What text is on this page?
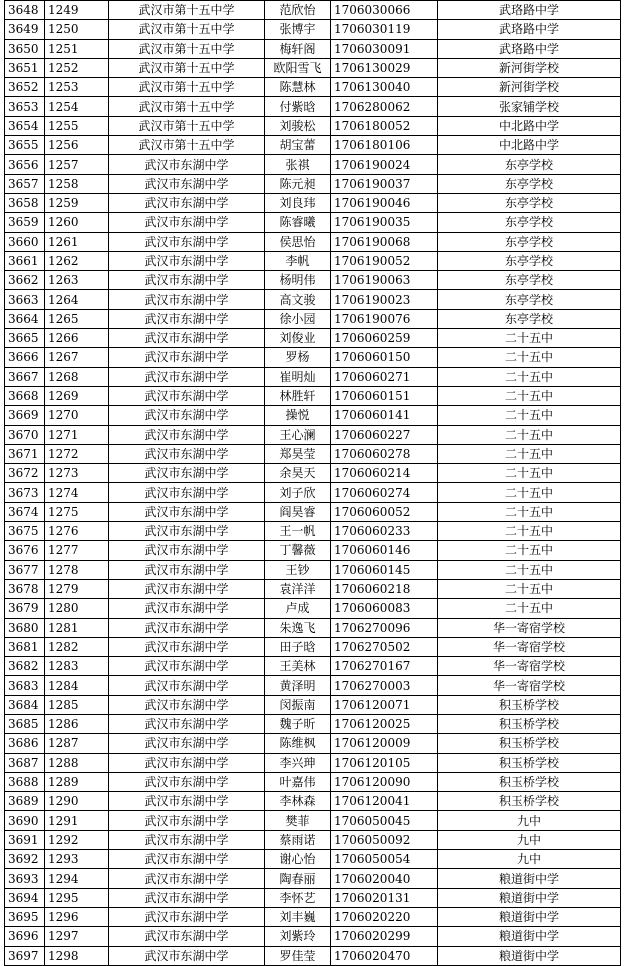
3648	1249	武汉市第十五中学	范欣怡	1706030066	武珞路中学
3649	1250	武汉市第十五中学	张博宇	1706030119	武珞路中学
3650	1251	武汉市第十五中学	梅轩阁	1706030091	武珞路中学
3651	1252	武汉市第十五中学	欧阳雪飞	1706130029	新河街学校
3652	1253	武汉市第十五中学	陈慧林	1706130040	新河街学校
3653	1254	武汉市第十五中学	付紫晗	1706280062	张家铺学校
3654	1255	武汉市第十五中学	刘骏松	1706180052	中北路中学
3655	1256	武汉市第十五中学	胡宝蕾	1706180106	中北路中学
3656	1257	武汉市东湖中学	张祺	1706190024	东亭学校
3657	1258	武汉市东湖中学	陈元昶	1706190037	东亭学校
3658	1259	武汉市东湖中学	刘良玮	1706190046	东亭学校
3659	1260	武汉市东湖中学	陈睿曦	1706190035	东亭学校
3660	1261	武汉市东湖中学	侯思怡	1706190068	东亭学校
3661	1262	武汉市东湖中学	李帆	1706190052	东亭学校
3662	1263	武汉市东湖中学	杨明伟	1706190063	东亭学校
3663	1264	武汉市东湖中学	高文骏	1706190023	东亭学校
3664	1265	武汉市东湖中学	徐小园	1706190076	东亭学校
3665	1266	武汉市东湖中学	刘俊业	1706060259	二十五中
3666	1267	武汉市东湖中学	罗杨	1706060150	二十五中
3667	1268	武汉市东湖中学	崔明灿	1706060271	二十五中
3668	1269	武汉市东湖中学	林胜轩	1706060151	二十五中
3669	1270	武汉市东湖中学	操悦	1706060141	二十五中
3670	1271	武汉市东湖中学	王心澜	1706060227	二十五中
3671	1272	武汉市东湖中学	郑昊莹	1706060278	二十五中
3672	1273	武汉市东湖中学	余昊天	1706060214	二十五中
3673	1274	武汉市东湖中学	刘子欣	1706060274	二十五中
3674	1275	武汉市东湖中学	阎昊睿	1706060052	二十五中
3675	1276	武汉市东湖中学	王一帆	1706060233	二十五中
3676	1277	武汉市东湖中学	丁馨薇	1706060146	二十五中
3677	1278	武汉市东湖中学	王钞	1706060145	二十五中
3678	1279	武汉市东湖中学	袁洋洋	1706060218	二十五中
3679	1280	武汉市东湖中学	卢成	1706060083	二十五中
3680	1281	武汉市东湖中学	朱逸飞	1706270096	华一寄宿学校
3681	1282	武汉市东湖中学	田子晗	1706270502	华一寄宿学校
3682	1283	武汉市东湖中学	王美林	1706270167	华一寄宿学校
3683	1284	武汉市东湖中学	黄泽明	1706270003	华一寄宿学校
3684	1285	武汉市东湖中学	闵振南	1706120071	积玉桥学校
3685	1286	武汉市东湖中学	魏子昕	1706120025	积玉桥学校
3686	1287	武汉市东湖中学	陈维枫	1706120009	积玉桥学校
3687	1288	武汉市东湖中学	李兴珅	1706120105	积玉桥学校
3688	1289	武汉市东湖中学	叶嘉伟	1706120090	积玉桥学校
3689	1290	武汉市东湖中学	李林森	1706120041	积玉桥学校
3690	1291	武汉市东湖中学	樊菲	1706050045	九中
3691	1292	武汉市东湖中学	蔡雨诺	1706050092	九中
3692	1293	武汉市东湖中学	谢心怡	1706050054	九中
3693	1294	武汉市东湖中学	陶春丽	1706020040	粮道街中学
3694	1295	武汉市东湖中学	李怀艺	1706020131	粮道街中学
3695	1296	武汉市东湖中学	刘丰巍	1706020220	粮道街中学
3696	1297	武汉市东湖中学	刘紫玲	1706020299	粮道街中学
3697	1298	武汉市东湖中学	罗佳莹	1706020470	粮道街中学
